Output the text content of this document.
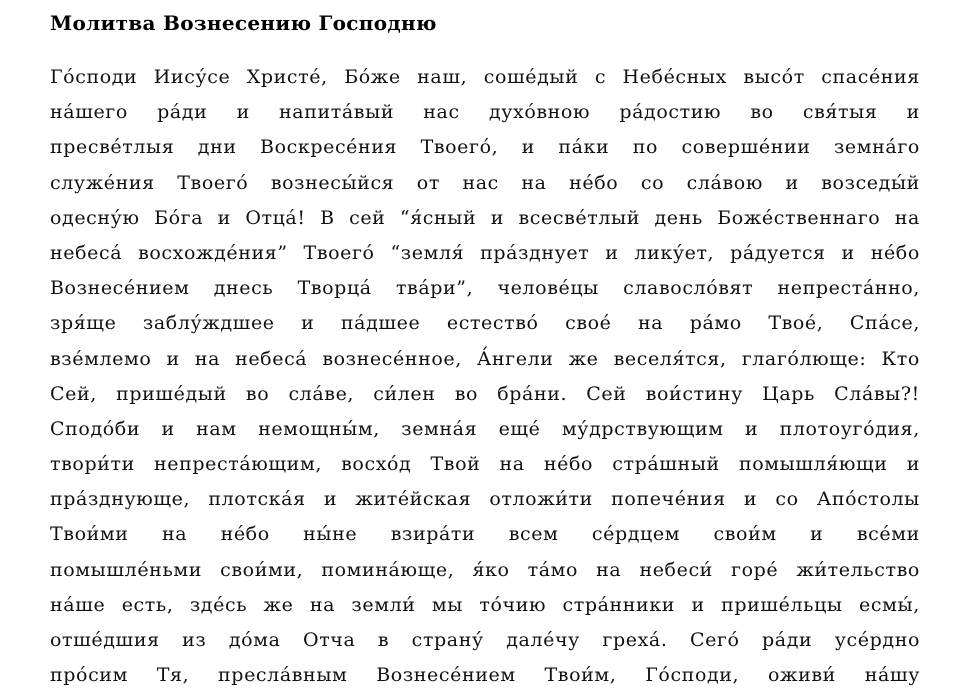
Молитва Вознесению Господню
Го́споди Иису́се Христе́, Бо́же наш, соше́дый с Небе́сных высо́т спасе́ния
на́шего ра́ди и напита́вый нас духо́вною ра́достию во свя́тыя и
пресве́тлыя дни Воскресе́ния Твоего́, и па́ки по соверше́нии земна́го
служе́ния Твоего́ вознесы́йся от нас на не́бо со сла́вою и возседы́й
одесну́ю Бо́га и Отца́! В сей “я́сный и всесве́тлый день Боже́ственнаго на
небеса́ восхожде́ния” Твоего́ “земля́ пра́зднует и лику́ет, ра́дуется и не́бо
Вознесе́нием днесь Творца́ тва́ри”, челове́цы славосло́вят непреста́нно,
зря́ще заблу́ждшее и па́дшее естество́ свое́ на ра́мо Твое́, Спа́се,
взе́млемо и на небеса́ вознесе́нное, А́нгели же веселя́тся, глаго́люще: Кто
Сей, прише́дый во сла́ве, си́лен во бра́ни. Сей вои́стину Царь Сла́вы?!
Сподо́би и нам немощны́м, земна́я еще́ му́дрствующим и плотоуго́дия,
твори́ти непреста́ющим, восхо́д Твой на не́бо стра́шный помышля́ющи и
пра́зднующе, плотска́я и жите́йская отложи́ти попече́ния и со Апо́столы
Твои́ми на не́бо ны́не взира́ти всем се́рдцем свои́м и все́ми
помышле́ньми свои́ми, помина́юще, я́ко та́мо на небеси́ горе́ жи́тельство
на́ше есть, зде́сь же на земли́ мы то́чию стра́нники и прише́льцы есмы́,
отше́дшия из до́ма Отча в страну́ дале́чу греха́. Сего́ ра́ди усе́рдно
про́сим Тя, пресла́вным Вознесе́нием Твои́м, Го́споди, оживи́ на́шу
